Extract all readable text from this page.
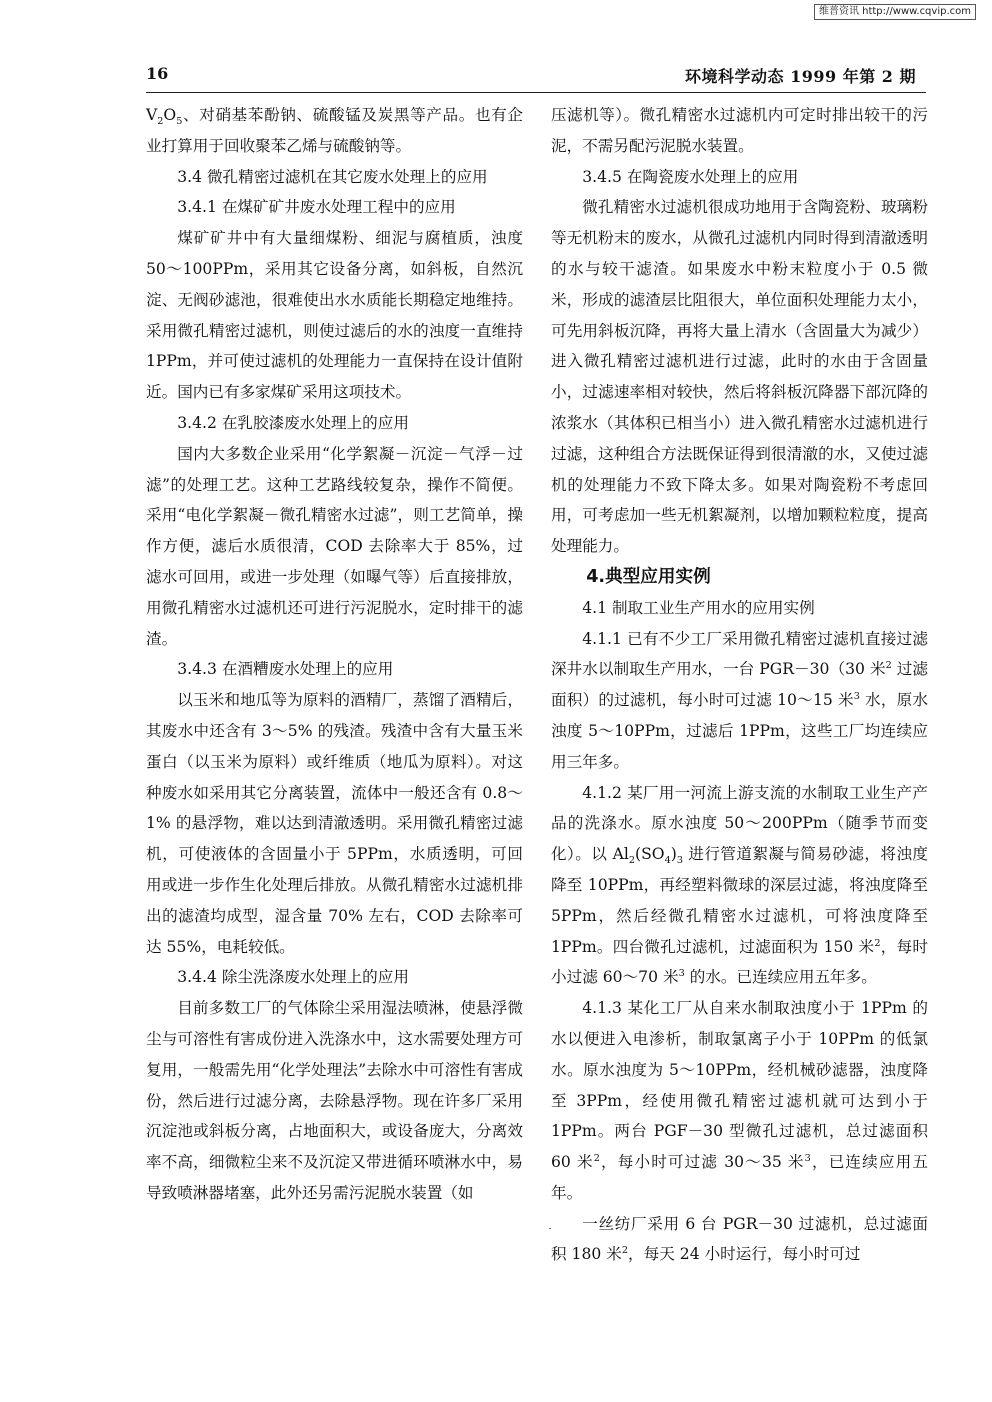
维普资讯 http://www.cqvip.com
16	环境科学动态 1999 年第 2 期

$V_2O_5$、对硝基苯酚钠、硫酸锰及炭黑等产品。也有企业打算用于回收聚苯乙烯与硫酸钠等。

3.4 微孔精密过滤机在其它废水处理上的应用

3.4.1 在煤矿矿井废水处理工程中的应用

煤矿矿井中有大量细煤粉、细泥与腐植质，浊度 50～100PPm，采用其它设备分离，如斜板，自然沉淀、无阀砂滤池，很难使出水水质能长期稳定地维持。采用微孔精密过滤机，则使过滤后的水的浊度一直维持 1PPm，并可使过滤机的处理能力一直保持在设计值附近。国内已有多家煤矿采用这项技术。

3.4.2 在乳胶漆废水处理上的应用

国内大多数企业采用“化学絮凝－沉淀－气浮－过滤”的处理工艺。这种工艺路线较复杂，操作不简便。采用“电化学絮凝－微孔精密水过滤”，则工艺简单，操作方便，滤后水质很清，COD 去除率大于 85%，过滤水可回用，或进一步处理（如曝气等）后直接排放，用微孔精密水过滤机还可进行污泥脱水，定时排干的滤渣。

3.4.3 在酒糟废水处理上的应用

以玉米和地瓜等为原料的酒精厂，蒸馏了酒精后，其废水中还含有 3～5% 的残渣。残渣中含有大量玉米蛋白（以玉米为原料）或纤维质（地瓜为原料）。对这种废水如采用其它分离装置，流体中一般还含有 0.8～1% 的悬浮物，难以达到清澈透明。采用微孔精密过滤机，可使液体的含固量小于 5PPm，水质透明，可回用或进一步作生化处理后排放。从微孔精密水过滤机排出的滤渣均成型，湿含量 70% 左右，COD 去除率可达 55%，电耗较低。

3.4.4 除尘洗涤废水处理上的应用

目前多数工厂的气体除尘采用湿法喷淋，使悬浮微尘与可溶性有害成份进入洗涤水中，这水需要处理方可复用，一般需先用“化学处理法”去除水中可溶性有害成份，然后进行过滤分离，去除悬浮物。现在许多厂采用沉淀池或斜板分离，占地面积大，或设备庞大，分离效率不高，细微粒尘来不及沉淀又带进循环喷淋水中，易导致喷淋器堵塞，此外还另需污泥脱水装置（如

压滤机等）。微孔精密水过滤机内可定时排出较干的污泥，不需另配污泥脱水装置。

3.4.5 在陶瓷废水处理上的应用

微孔精密水过滤机很成功地用于含陶瓷粉、玻璃粉等无机粉末的废水，从微孔过滤机内同时得到清澈透明的水与较干滤渣。如果废水中粉末粒度小于 0.5 微米，形成的滤渣层比阻很大，单位面积处理能力太小，可先用斜板沉降，再将大量上清水（含固量大为减少）进入微孔精密过滤机进行过滤，此时的水由于含固量小，过滤速率相对较快，然后将斜板沉降器下部沉降的浓浆水（其体积已相当小）进入微孔精密水过滤机进行过滤，这种组合方法既保证得到很清澈的水，又使过滤机的处理能力不致下降太多。如果对陶瓷粉不考虑回用，可考虑加一些无机絮凝剂，以增加颗粒粒度，提高处理能力。

4.典型应用实例

4.1 制取工业生产用水的应用实例

4.1.1 已有不少工厂采用微孔精密过滤机直接过滤深井水以制取生产用水，一台 PGR－30（30 米$^2$ 过滤面积）的过滤机，每小时可过滤 10～15 米$^3$ 水，原水浊度 5～10PPm，过滤后 1PPm，这些工厂均连续应用三年多。

4.1.2 某厂用一河流上游支流的水制取工业生产产品的洗涤水。原水浊度 50～200PPm（随季节而变化）。以 $Al_2(SO_4)_3$ 进行管道絮凝与简易砂滤，将浊度降至 10PPm，再经塑料微球的深层过滤，将浊度降至 5PPm，然后经微孔精密水过滤机，可将浊度降至 1PPm。四台微孔过滤机，过滤面积为 150 米$^2$，每时小过滤 60～70 米$^3$ 的水。已连续应用五年多。

4.1.3 某化工厂从自来水制取浊度小于 1PPm 的水以便进入电渗析，制取氯离子小于 10PPm 的低氯水。原水浊度为 5～10PPm，经机械砂滤器，浊度降至 3PPm，经使用微孔精密过滤机就可达到小于 1PPm。两台 PGF－30 型微孔过滤机，总过滤面积 60 米$^2$，每小时可过滤 30～35 米$^3$，已连续应用五年。

一丝纺厂采用 6 台 PGR－30 过滤机，总过滤面积 180 米$^2$，每天 24 小时运行，每小时可过
